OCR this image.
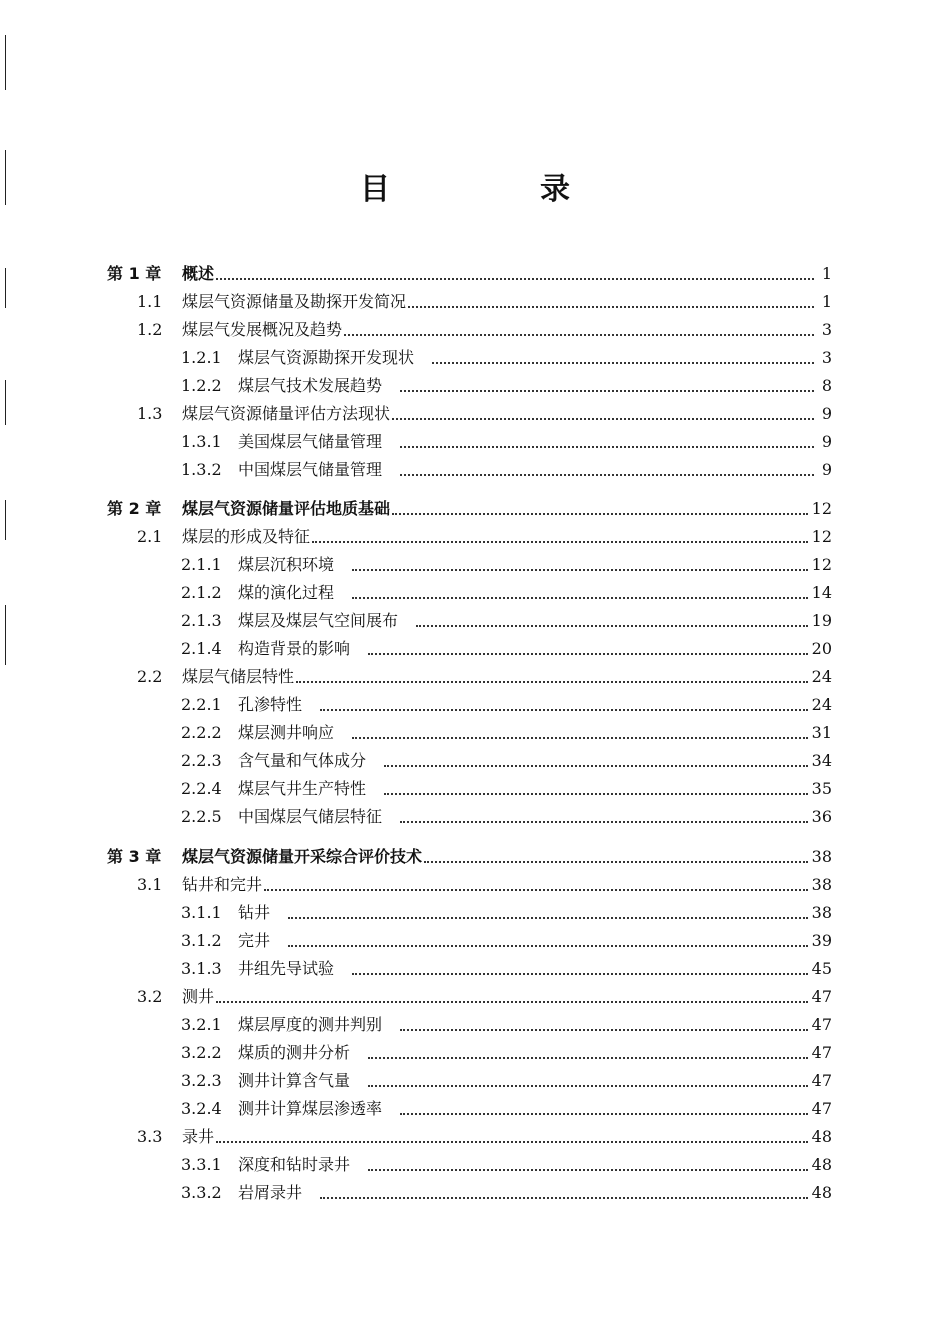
目　录
第 1 章	概述	1
1.1	煤层气资源储量及勘探开发简况	1
1.2	煤层气发展概况及趋势	3
1.2.1	煤层气资源勘探开发现状	3
1.2.2	煤层气技术发展趋势	8
1.3	煤层气资源储量评估方法现状	9
1.3.1	美国煤层气储量管理	9
1.3.2	中国煤层气储量管理	9
第 2 章	煤层气资源储量评估地质基础	12
2.1	煤层的形成及特征	12
2.1.1	煤层沉积环境	12
2.1.2	煤的演化过程	14
2.1.3	煤层及煤层气空间展布	19
2.1.4	构造背景的影响	20
2.2	煤层气储层特性	24
2.2.1	孔渗特性	24
2.2.2	煤层测井响应	31
2.2.3	含气量和气体成分	34
2.2.4	煤层气井生产特性	35
2.2.5	中国煤层气储层特征	36
第 3 章	煤层气资源储量开采综合评价技术	38
3.1	钻井和完井	38
3.1.1	钻井	38
3.1.2	完井	39
3.1.3	井组先导试验	45
3.2	测井	47
3.2.1	煤层厚度的测井判别	47
3.2.2	煤质的测井分析	47
3.2.3	测井计算含气量	47
3.2.4	测井计算煤层渗透率	47
3.3	录井	48
3.3.1	深度和钻时录井	48
3.3.2	岩屑录井	48
